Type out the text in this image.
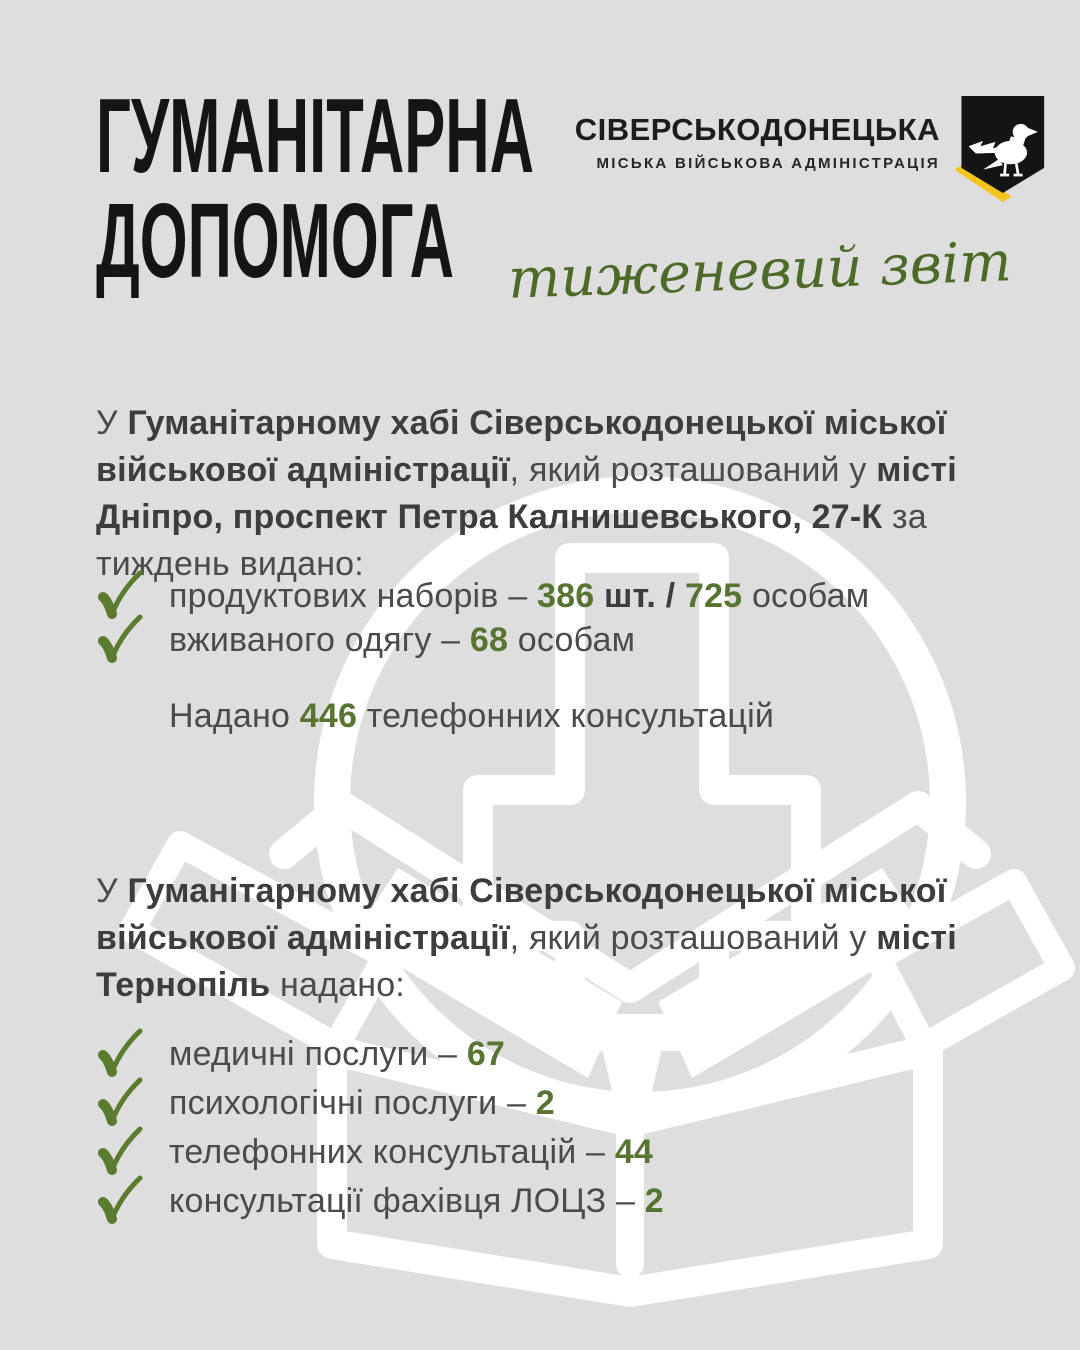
ГУМАНІТАРНА
ДОПОМОГА
СІВЕРСЬКОДОНЕЦЬКА
МІСЬКА ВІЙСЬКОВА АДМІНІСТРАЦІЯ
тиженевий звіт

У Гуманітарному хабі Сіверськодонецької міської військової адміністрації, який розташований у місті Дніпро, проспект Петра Калнишевського, 27-К за тиждень видано:

продуктових наборів – 386 шт. / 725 особам
вживаного одягу – 68 особам

Надано 446 телефонних консультацій

У Гуманітарному хабі Сіверськодонецької міської військової адміністрації, який розташований у місті Тернопіль надано:

медичні послуги – 67
психологічні послуги – 2
телефонних консультацій – 44
консультації фахівця ЛОЦЗ – 2
